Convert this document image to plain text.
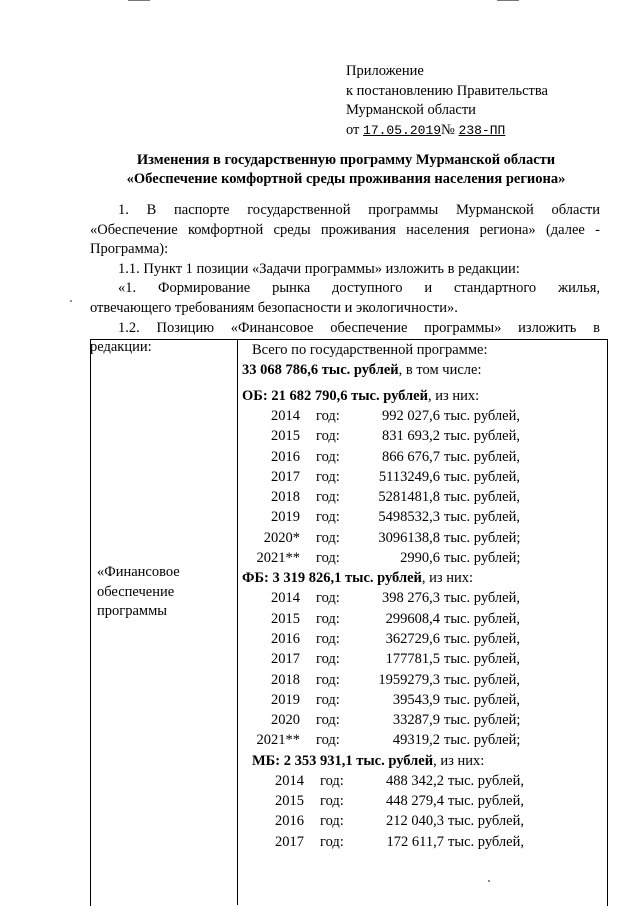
Приложение
к постановлению Правительства
Мурманской области
от 17.05.2019№ 238-ПП
Изменения в государственную программу Мурманской области
«Обеспечение комфортной среды проживания населения региона»
1. В паспорте государственной программы Мурманской области
«Обеспечение комфортной среды проживания населения региона» (далее -
Программа):
1.1. Пункт 1 позиции «Задачи программы» изложить в редакции:
«1. Формирование рынка доступного и стандартного жилья,
отвечающего требованиям безопасности и экологичности».
1.2. Позицию «Финансовое обеспечение программы» изложить в
редакции:
«Финансовое
обеспечение
программы
Всего по государственной программе:
33 068 786,6 тыс. рублей, в том числе:
ОБ: 21 682 790,6 тыс. рублей, из них:
2014 год:	992 027,6 тыс. рублей,
2015 год:	831 693,2 тыс. рублей,
2016 год:	866 676,7 тыс. рублей,
2017 год:	5113249,6 тыс. рублей,
2018 год:	5281481,8 тыс. рублей,
2019 год:	5498532,3 тыс. рублей,
2020* год:	3096138,8 тыс. рублей;
2021** год:	2990,6 тыс. рублей;
ФБ: 3 319 826,1 тыс. рублей, из них:
2014 год:	398 276,3 тыс. рублей,
2015 год:	299608,4 тыс. рублей,
2016 год:	362729,6 тыс. рублей,
2017 год:	177781,5 тыс. рублей,
2018 год:	1959279,3 тыс. рублей,
2019 год:	39543,9 тыс. рублей,
2020 год:	33287,9 тыс. рублей;
2021** год:	49319,2 тыс. рублей;
МБ: 2 353 931,1 тыс. рублей, из них:
2014 год:	488 342,2 тыс. рублей,
2015 год:	448 279,4 тыс. рублей,
2016 год:	212 040,3 тыс. рублей,
2017 год:	172 611,7 тыс. рублей,
